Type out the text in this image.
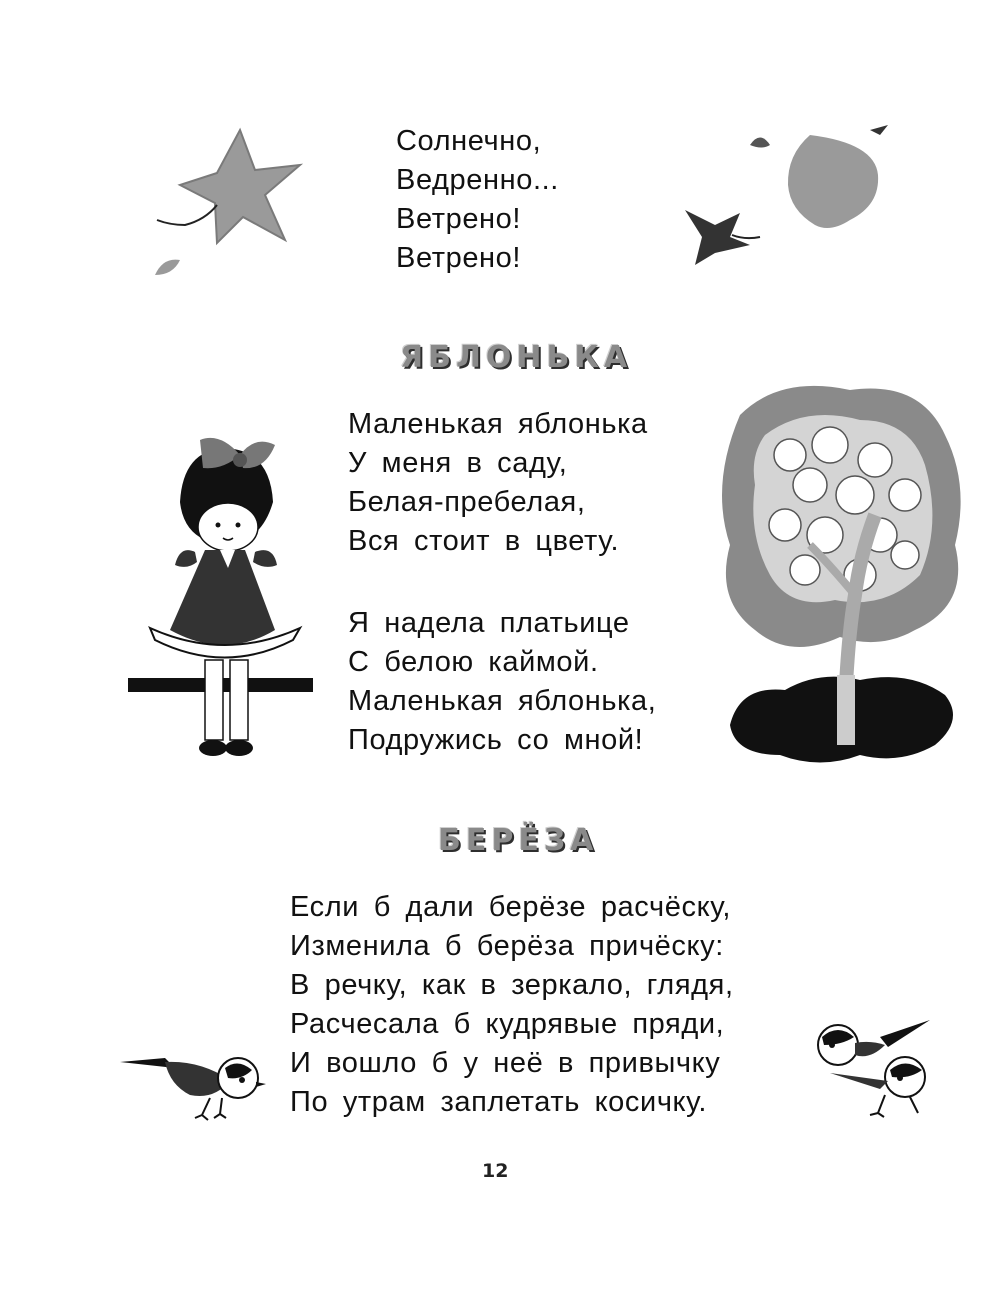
Солнечно,
Ведренно...
Ветрено!
Ветрено!
ЯБЛОНЬКА
Маленькая яблонька
У меня в саду,
Белая-пребелая,
Вся стоит в цвету.
Я надела платьице
С белою каймой.
Маленькая яблонька,
Подружись со мной!
БЕРЁЗА
Если б дали берёзе расчёску,
Изменила б берёза причёску:
В речку, как в зеркало, глядя,
Расчесала б кудрявые пряди,
И вошло б у неё в привычку
По утрам заплетать косичку.
12
